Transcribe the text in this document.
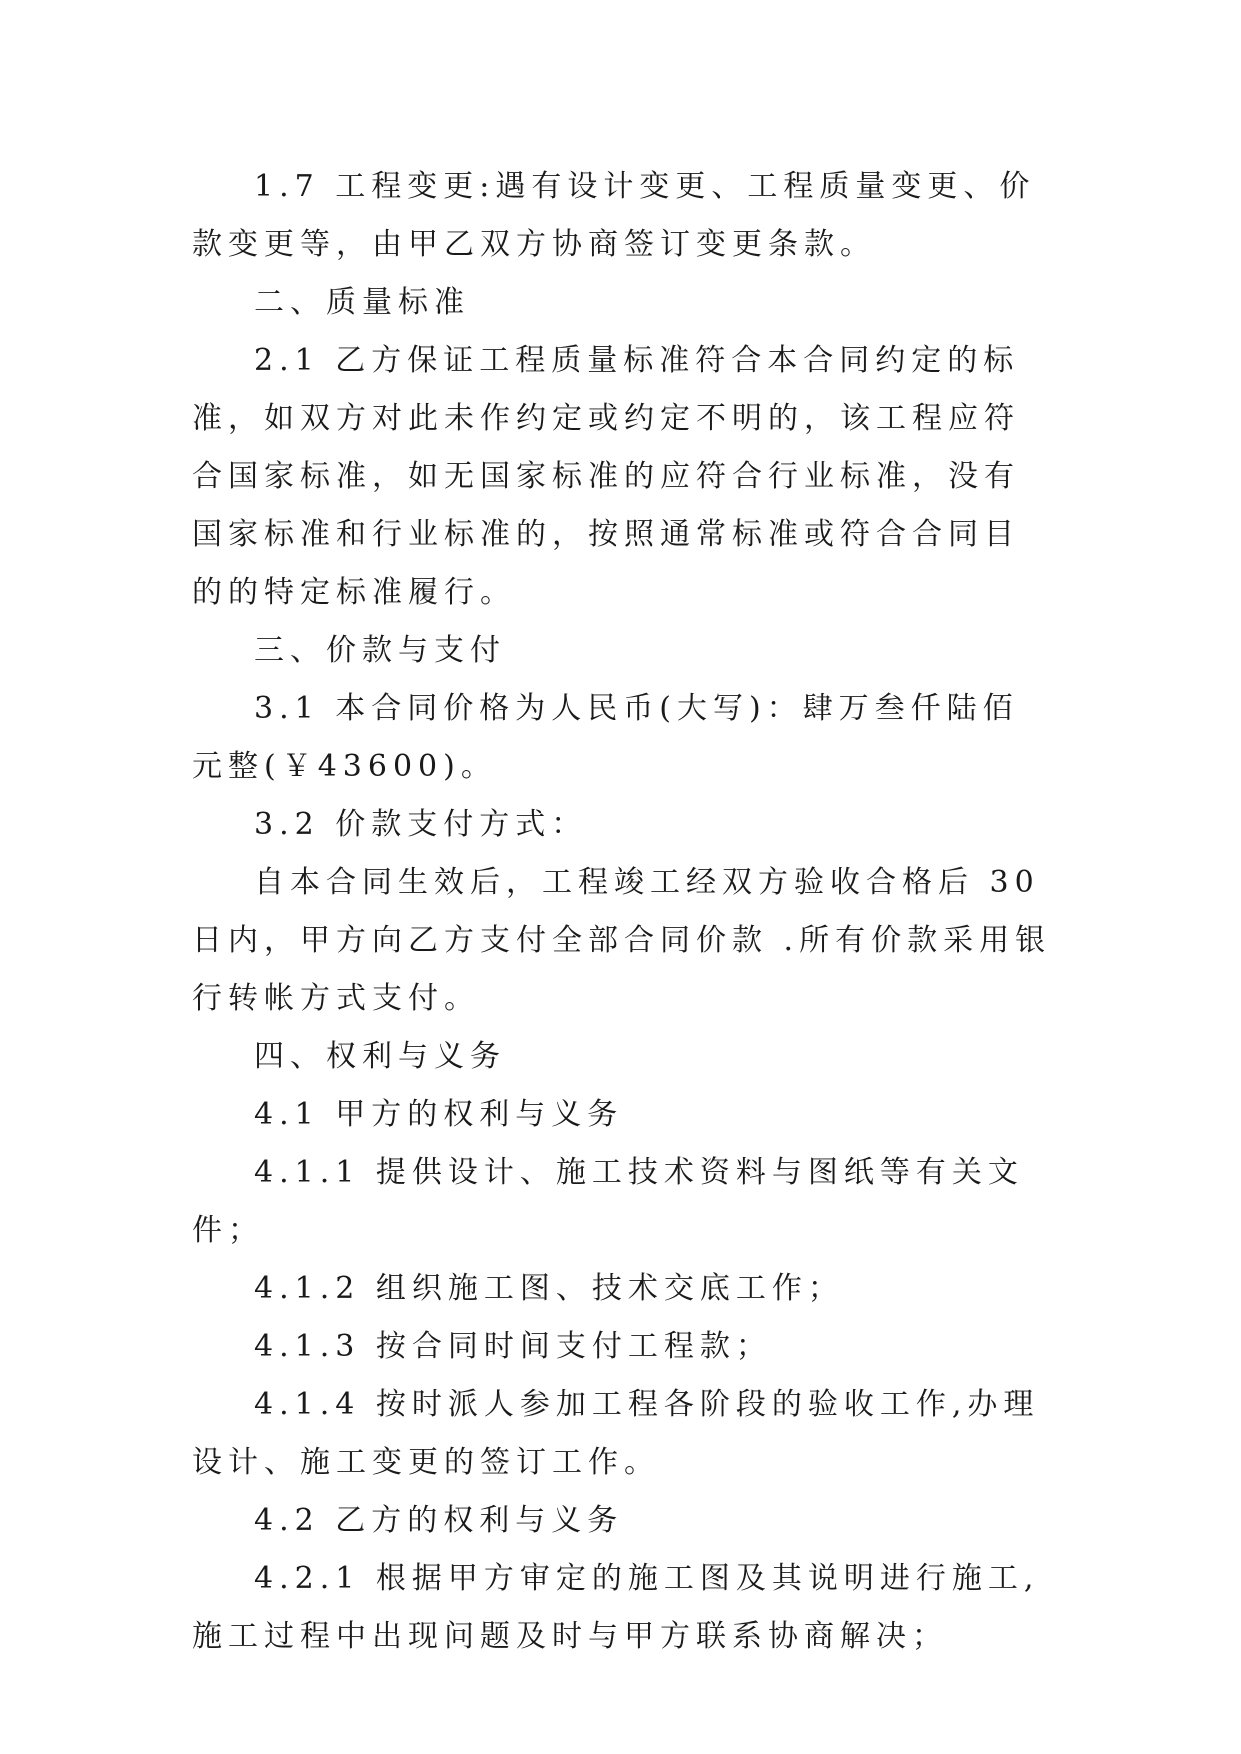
1.7 工程变更:遇有设计变更、工程质量变更、价款变更等，由甲乙双方协商签订变更条款。

二、质量标准

2.1 乙方保证工程质量标准符合本合同约定的标准，如双方对此未作约定或约定不明的，该工程应符合国家标准，如无国家标准的应符合行业标准，没有国家标准和行业标准的，按照通常标准或符合合同目的的特定标准履行。

三、价款与支付

3.1 本合同价格为人民币(大写)：肆万叁仟陆佰元整(￥43600)。

3.2 价款支付方式：

自本合同生效后，工程竣工经双方验收合格后 30 日内，甲方向乙方支付全部合同价款 .所有价款采用银行转帐方式支付。

四、权利与义务

4.1 甲方的权利与义务

4.1.1 提供设计、施工技术资料与图纸等有关文件；

4.1.2 组织施工图、技术交底工作；

4.1.3 按合同时间支付工程款；

4.1.4 按时派人参加工程各阶段的验收工作,办理设计、施工变更的签订工作。

4.2 乙方的权利与义务

4.2.1 根据甲方审定的施工图及其说明进行施工,施工过程中出现问题及时与甲方联系协商解决；
